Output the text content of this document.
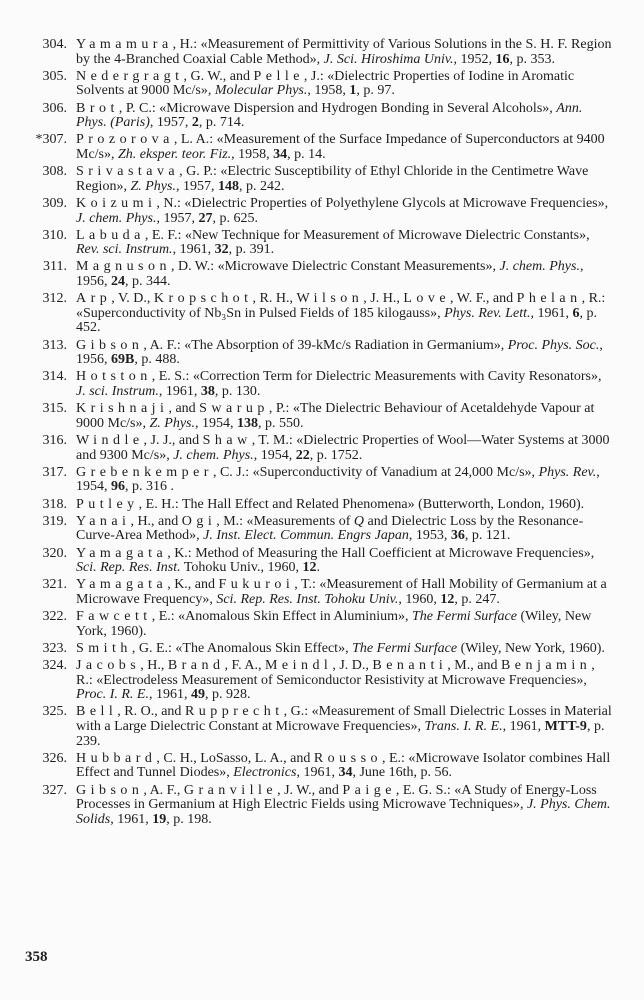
304. Yamamura, H.: «Measurement of Permittivity of Various Solutions in the S. H. F. Region by the 4-Branched Coaxial Cable Method», J. Sci. Hiroshima Univ., 1952, 16, p. 353.
305. Nedergragt, G. W., and Pelle, J.: «Dielectric Properties of Iodine in Aromatic Solvents at 9000 Mc/s», Molecular Phys., 1958, 1, p. 97.
306. Brot, P. C.: «Microwave Dispersion and Hydrogen Bonding in Several Alcohols», Ann. Phys. (Paris), 1957, 2, p. 714.
*307. Prozorova, L. A.: «Measurement of the Surface Impedance of Superconductors at 9400 Mc/s», Zh. eksper. teor. Fiz., 1958, 34, p. 14.
308. Srivastava, G. P.: «Electric Susceptibility of Ethyl Chloride in the Centimetre Wave Region», Z. Phys., 1957, 148, p. 242.
309. Koizumi, N.: «Dielectric Properties of Polyethylene Glycols at Microwave Frequencies», J. chem. Phys., 1957, 27, p. 625.
310. Labuda, E. F.: «New Technique for Measurement of Microwave Dielectric Constants», Rev. sci. Instrum., 1961, 32, p. 391.
311. Magnuson, D. W.: «Microwave Dielectric Constant Measurements», J. chem. Phys., 1956, 24, p. 344.
312. Arp, V. D., Kropschot, R. H., Wilson, J. H., Love, W. F., and Phelan, R.: «Superconductivity of Nb₃Sn in Pulsed Fields of 185 kilogauss», Phys. Rev. Lett., 1961, 6, p. 452.
313. Gibson, A. F.: «The Absorption of 39-kMc/s Radiation in Germanium», Proc. Phys. Soc., 1956, 69B, p. 488.
314. Hotston, E. S.: «Correction Term for Dielectric Measurements with Cavity Resonators», J. sci. Instrum., 1961, 38, p. 130.
315. Krishnaji, and Swarup, P.: «The Dielectric Behaviour of Acetaldehyde Vapour at 9000 Mc/s», Z. Phys., 1954, 138, p. 550.
316. Windle, J. J., and Shaw, T. M.: «Dielectric Properties of Wool—Water Systems at 3000 and 9300 Mc/s», J. chem. Phys., 1954, 22, p. 1752.
317. Grebenkemper, C. J.: «Superconductivity of Vanadium at 24,000 Mc/s», Phys. Rev., 1954, 96, p. 316 .
318. Putley, E. H.: The Hall Effect and Related Phenomena» (Butterworth, London, 1960).
319. Yanai, H., and Ogi, M.: «Measurements of Q and Dielectric Loss by the Resonance-Curve-Area Method», J. Inst. Elect. Commun. Engrs Japan, 1953, 36, p. 121.
320. Yamagata, K.: Method of Measuring the Hall Coefficient at Microwave Frequencies», Sci. Rep. Res. Inst. Tohoku Univ., 1960, 12.
321. Yamagata, K., and Fukuroi, T.: «Measurement of Hall Mobility of Germanium at a Microwave Frequency», Sci. Rep. Res. Inst. Tohoku Univ., 1960, 12, p. 247.
322. Fawcett, E.: «Anomalous Skin Effect in Aluminium», The Fermi Surface (Wiley, New York, 1960).
323. Smith, G. E.: «The Anomalous Skin Effect», The Fermi Surface (Wiley, New York, 1960).
324. Jacobs, H., Brand, F. A., Meindl, J. D., Benanti, M., and Benjamin, R.: «Electrodeless Measurement of Semiconductor Resistivity at Microwave Frequencies», Proc. I. R. E., 1961, 49, p. 928.
325. Bell, R. O., and Rupprecht, G.: «Measurement of Small Dielectric Losses in Material with a Large Dielectric Constant at Microwave Frequencies», Trans. I. R. E., 1961, MTT-9, p. 239.
326. Hubbard, C. H., LoSasso, L. A., and Rousso, E.: «Microwave Isolator combines Hall Effect and Tunnel Diodes», Electronics, 1961, 34, June 16th, p. 56.
327. Gibson, A. F., Granville, J. W., and Paige, E. G. S.: «A Study of Energy-Loss Processes in Germanium at High Electric Fields using Microwave Techniques», J. Phys. Chem. Solids, 1961, 19, p. 198.
358
